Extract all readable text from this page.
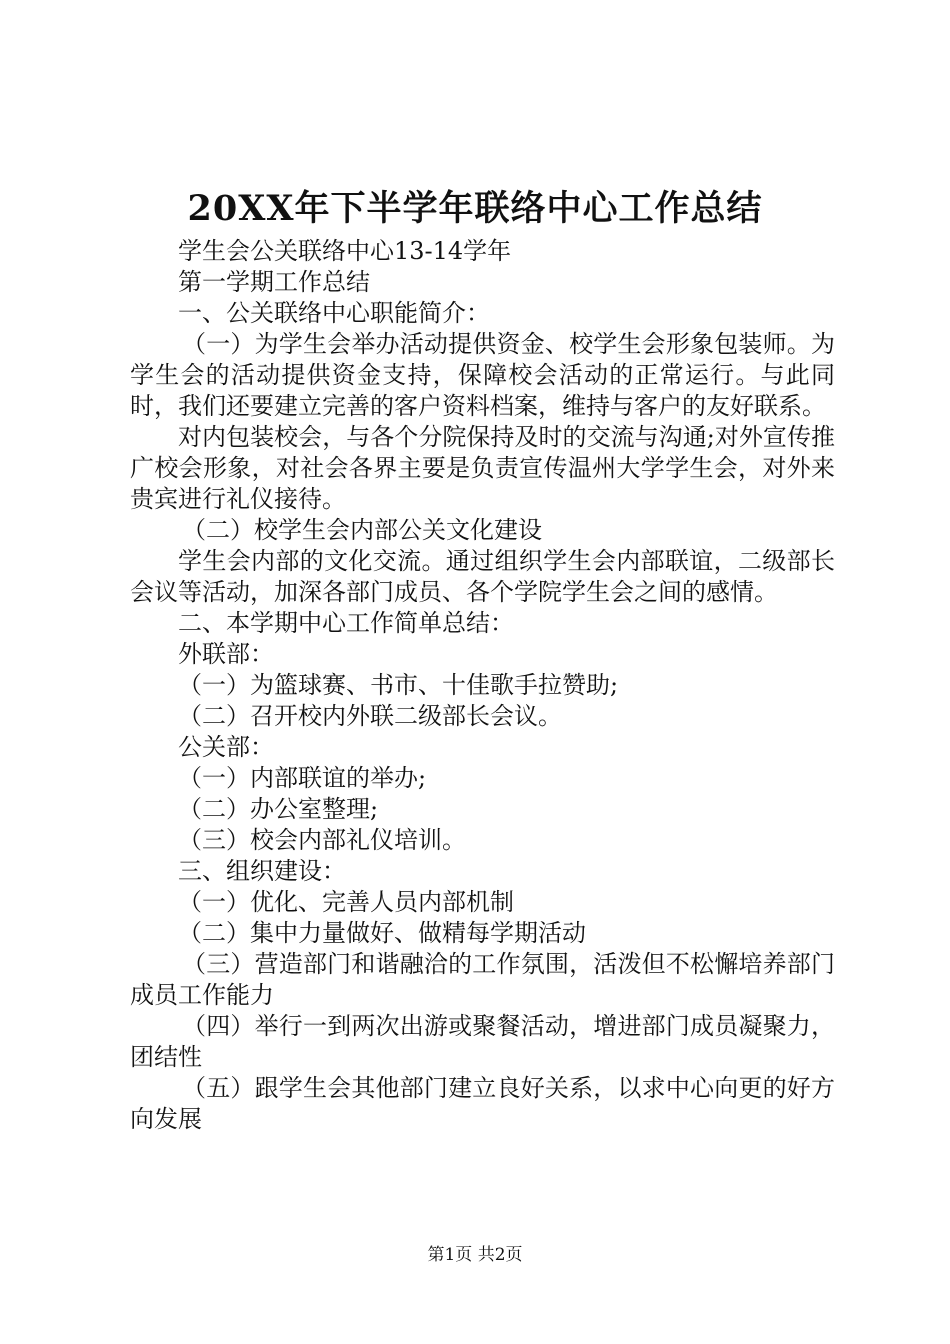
20XX年下半学年联络中心工作总结

学生会公关联络中心13-14学年

第一学期工作总结

一、公关联络中心职能简介：

（一）为学生会举办活动提供资金、校学生会形象包装师。为学生会的活动提供资金支持，保障校会活动的正常运行。与此同时，我们还要建立完善的客户资料档案，维持与客户的友好联系。

对内包装校会，与各个分院保持及时的交流与沟通;对外宣传推广校会形象，对社会各界主要是负责宣传温州大学学生会，对外来贵宾进行礼仪接待。

（二）校学生会内部公关文化建设

学生会内部的文化交流。通过组织学生会内部联谊，二级部长会议等活动，加深各部门成员、各个学院学生会之间的感情。

二、本学期中心工作简单总结：

外联部：

（一）为篮球赛、书市、十佳歌手拉赞助;

（二）召开校内外联二级部长会议。

公关部：

（一）内部联谊的举办;

（二）办公室整理;

（三）校会内部礼仪培训。

三、组织建设：

（一）优化、完善人员内部机制

（二）集中力量做好、做精每学期活动

（三）营造部门和谐融洽的工作氛围，活泼但不松懈培养部门成员工作能力

（四）举行一到两次出游或聚餐活动，增进部门成员凝聚力，团结性

（五）跟学生会其他部门建立良好关系，以求中心向更的好方向发展

第1页 共2页
